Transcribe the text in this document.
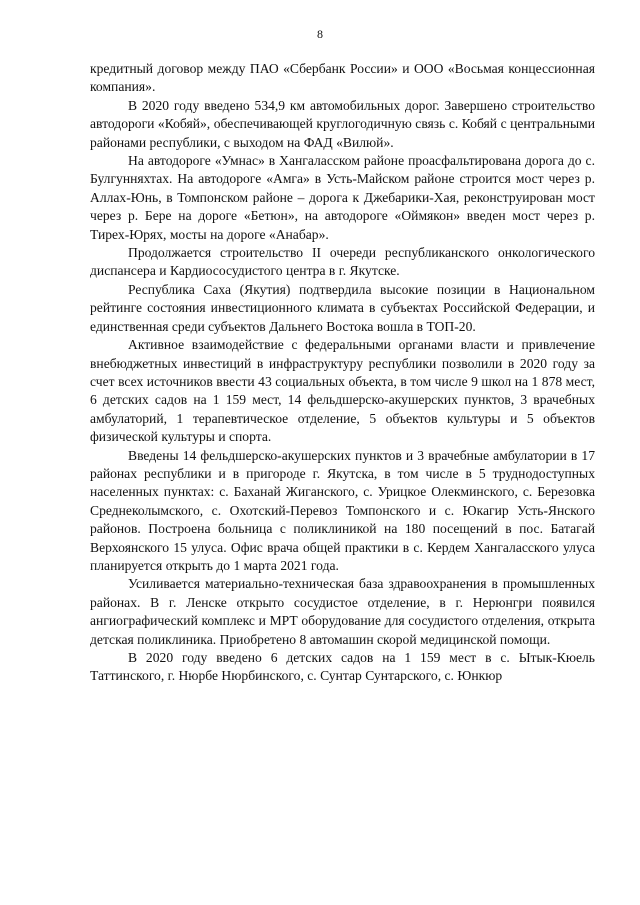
8

кредитный договор между ПАО «Сбербанк России» и ООО «Восьмая концессионная компания».

В 2020 году введено 534,9 км автомобильных дорог. Завершено строительство автодороги «Кобяй», обеспечивающей круглогодичную связь с. Кобяй с центральными районами республики, с выходом на ФАД «Вилюй».

На автодороге «Умнас» в Хангаласском районе проасфальтирована дорога до с. Булгунняхтах. На автодороге «Амга» в Усть-Майском районе строится мост через р. Аллах-Юнь, в Томпонском районе – дорога к Джебарики-Хая, реконструирован мост через р. Бере на дороге «Бетюн», на автодороге «Оймякон» введен мост через р. Тирех-Юрях, мосты на дороге «Анабар».

Продолжается строительство II очереди республиканского онкологического диспансера и Кардиососудистого центра в г. Якутске.

Республика Саха (Якутия) подтвердила высокие позиции в Национальном рейтинге состояния инвестиционного климата в субъектах Российской Федерации, и единственная среди субъектов Дальнего Востока вошла в ТОП-20.

Активное взаимодействие с федеральными органами власти и привлечение внебюджетных инвестиций в инфраструктуру республики позволили в 2020 году за счет всех источников ввести 43 социальных объекта, в том числе 9 школ на 1 878 мест, 6 детских садов на 1 159 мест, 14 фельдшерско-акушерских пунктов, 3 врачебных амбулаторий, 1 терапевтическое отделение, 5 объектов культуры и 5 объектов физической культуры и спорта.

Введены 14 фельдшерско-акушерских пунктов и 3 врачебные амбулатории в 17 районах республики и в пригороде г. Якутска, в том числе в 5 труднодоступных населенных пунктах: с. Баханай Жиганского, с. Урицкое Олекминского, с. Березовка Среднеколымского, с. Охотский-Перевоз Томпонского и с. Юкагир Усть-Янского районов. Построена больница с поликлиникой на 180 посещений в пос. Батагай Верхоянского 15 улуса. Офис врача общей практики в с. Кердем Хангаласского улуса планируется открыть до 1 марта 2021 года.

Усиливается материально-техническая база здравоохранения в промышленных районах. В г. Ленске открыто сосудистое отделение, в г. Нерюнгри появился ангиографический комплекс и МРТ оборудование для сосудистого отделения, открыта детская поликлиника. Приобретено 8 автомашин скорой медицинской помощи.

В 2020 году введено 6 детских садов на 1 159 мест в с. Ытык-Кюель Таттинского, г. Нюрбе Нюрбинского, с. Сунтар Сунтарского, с. Юнкюр
